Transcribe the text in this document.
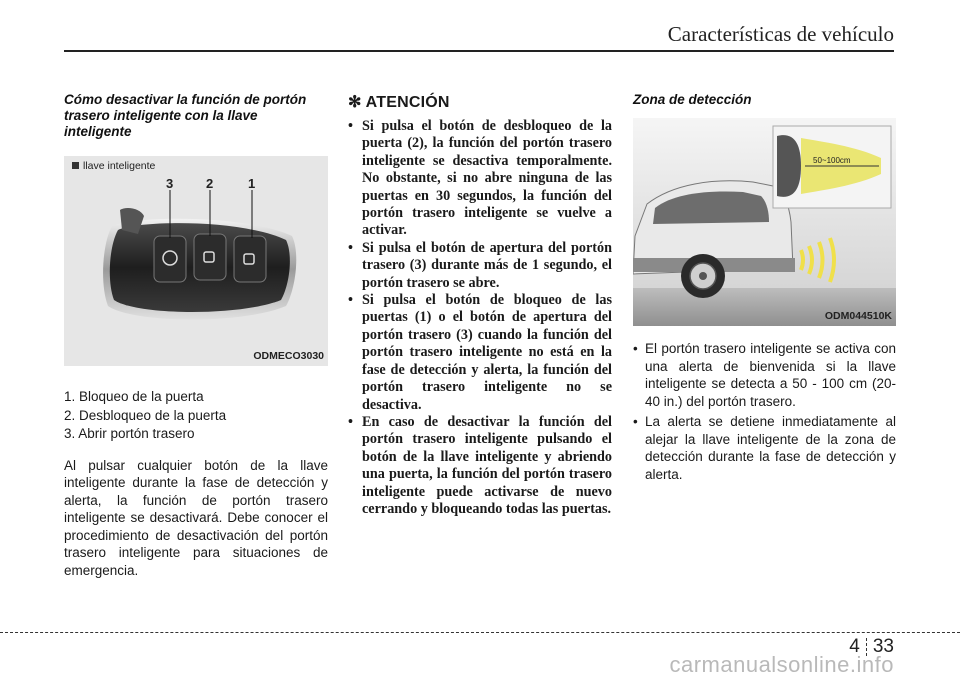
Características de vehículo

Cómo desactivar la función de portón trasero inteligente con la llave inteligente

llave inteligente
3	2	1
ODMECO3030
1. Bloqueo de la puerta
2. Desbloqueo de la puerta
3. Abrir portón trasero

Al pulsar cualquier botón de la llave inteligente durante la fase de detección y alerta, la función de portón trasero inteligente se desactivará. Debe conocer el procedimiento de desactivación del portón trasero inteligente para situaciones de emergencia.

✻ ATENCIÓN
• Si pulsa el botón de desbloqueo de la puerta (2), la función del portón trasero inteligente se desactiva temporalmente. No obstante, si no abre ninguna de las puertas en 30 segundos, la función del portón trasero inteligente se vuelve a activar.
• Si pulsa el botón de apertura del portón trasero (3) durante más de 1 segundo, el portón trasero se abre.
• Si pulsa el botón de bloqueo de las puertas (1) o el botón de apertura del portón trasero (3) cuando la función del portón trasero inteligente no está en la fase de detección y alerta, la función del portón trasero inteligente no se desactiva.
• En caso de desactivar la función del portón trasero inteligente pulsando el botón de la llave inteligente y abriendo una puerta, la función del portón trasero inteligente puede activarse de nuevo cerrando y bloqueando todas las puertas.

Zona de detección

50~100cm
ODM044510K
• El portón trasero inteligente se activa con una alerta de bienvenida si la llave inteligente se detecta a 50 - 100 cm (20-40 in.) del portón trasero.
• La alerta se detiene inmediatamente al alejar la llave inteligente de la zona de detección durante la fase de detección y alerta.
4 33
carmanualsonline.info
